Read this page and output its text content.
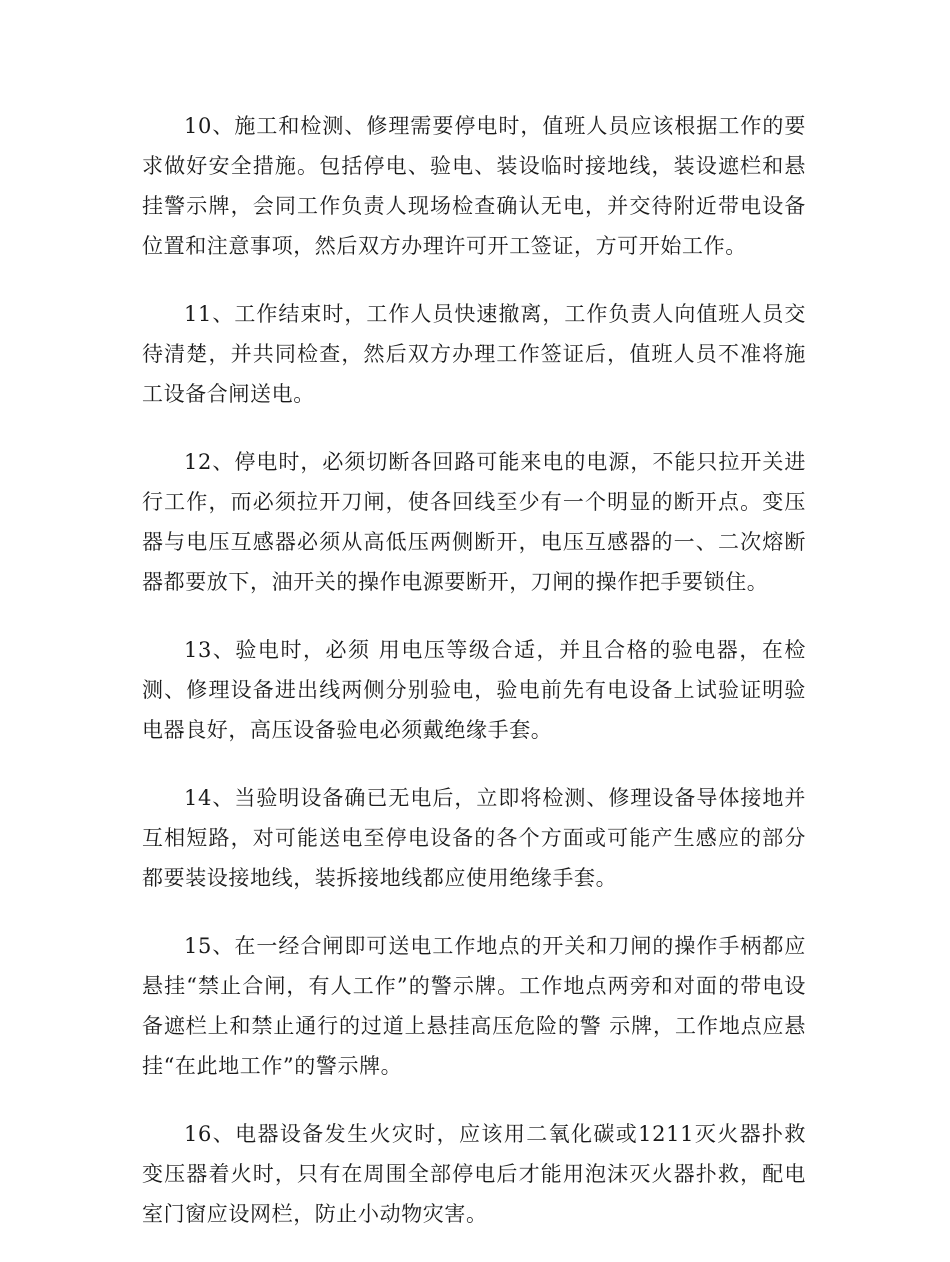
10、施工和检测、修理需要停电时，值班人员应该根据工作的要求做好安全措施。包括停电、验电、装设临时接地线，装设遮栏和悬挂警示牌，会同工作负责人现场检查确认无电，并交待附近带电设备位置和注意事项，然后双方办理许可开工签证，方可开始工作。

11、工作结束时，工作人员快速撤离，工作负责人向值班人员交待清楚，并共同检查，然后双方办理工作签证后，值班人员不准将施工设备合闸送电。

12、停电时，必须切断各回路可能来电的电源，不能只拉开关进行工作，而必须拉开刀闸，使各回线至少有一个明显的断开点。变压器与电压互感器必须从高低压两侧断开，电压互感器的一、二次熔断器都要放下，油开关的操作电源要断开，刀闸的操作把手要锁住。

13、验电时，必须 用电压等级合适，并且合格的验电器，在检测、修理设备进出线两侧分别验电，验电前先有电设备上试验证明验电器良好，高压设备验电必须戴绝缘手套。

14、当验明设备确已无电后，立即将检测、修理设备导体接地并互相短路，对可能送电至停电设备的各个方面或可能产生感应的部分都要装设接地线，装拆接地线都应使用绝缘手套。

15、在一经合闸即可送电工作地点的开关和刀闸的操作手柄都应悬挂“禁止合闸，有人工作”的警示牌。工作地点两旁和对面的带电设备遮栏上和禁止通行的过道上悬挂高压危险的警 示牌，工作地点应悬挂“在此地工作”的警示牌。

16、电器设备发生火灾时，应该用二氧化碳或1211灭火器扑救变压器着火时，只有在周围全部停电后才能用泡沫灭火器扑救，配电室门窗应设网栏，防止小动物灾害。
